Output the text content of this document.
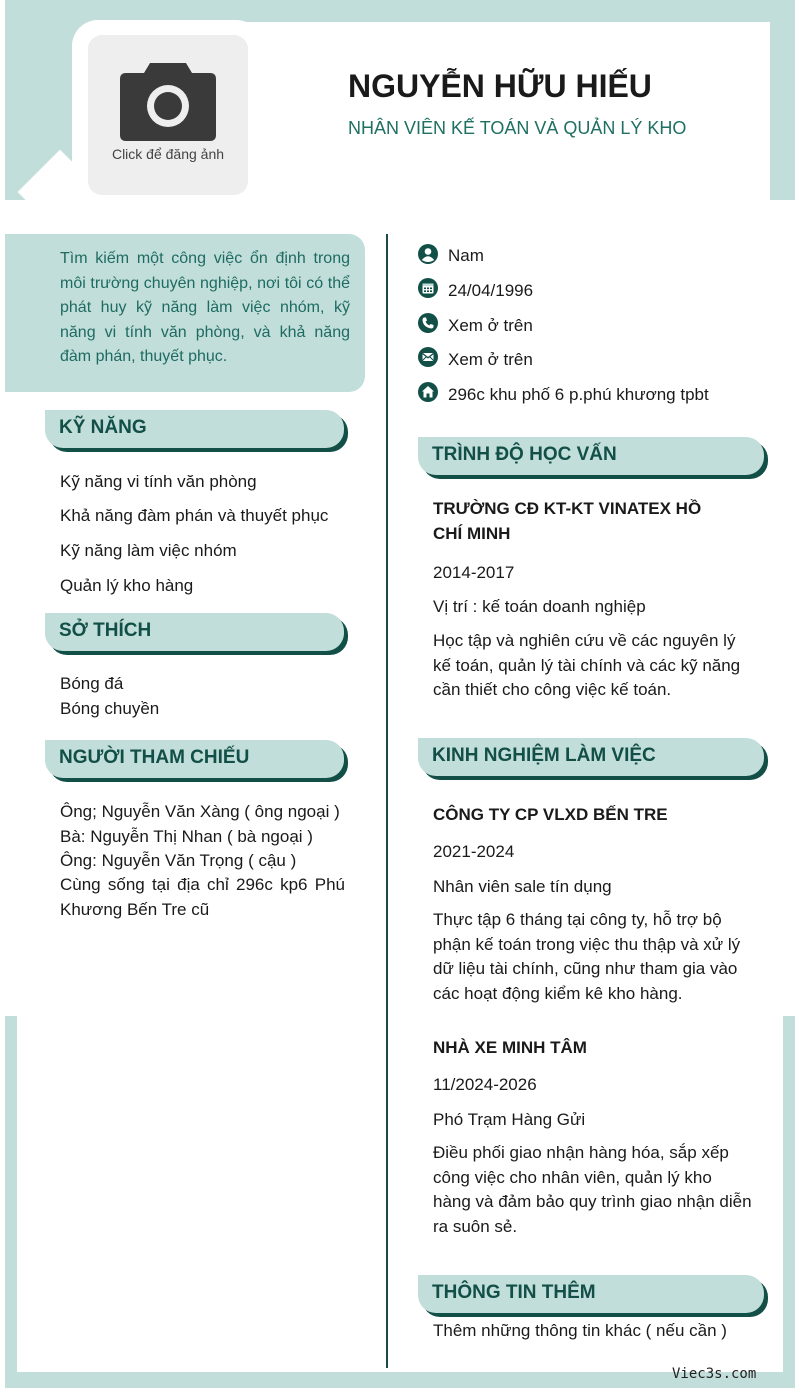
Click để đăng ảnh
NGUYỄN HỮU HIẾU
NHÂN VIÊN KẾ TOÁN VÀ QUẢN LÝ KHO
Tìm kiếm một công việc ổn định trong môi trường chuyên nghiệp, nơi tôi có thể phát huy kỹ năng làm việc nhóm, kỹ năng vi tính văn phòng, và khả năng đàm phán, thuyết phục.
Nam
24/04/1996
Xem ở trên
Xem ở trên
296c khu phố 6 p.phú khương tpbt
KỸ NĂNG
Kỹ năng vi tính văn phòng
Khả năng đàm phán và thuyết phục
Kỹ năng làm việc nhóm
Quản lý kho hàng
SỞ THÍCH
Bóng đá
Bóng chuyền
NGƯỜI THAM CHIẾU
Ông; Nguyễn Văn Xàng ( ông ngoại )
Bà: Nguyễn Thị Nhan ( bà ngoại )
Ông: Nguyễn Văn Trọng ( cậu )
Cùng sống tại địa chỉ 296c kp6 Phú Khương Bến Tre cũ
TRÌNH ĐỘ HỌC VẤN
TRƯỜNG CĐ KT-KT VINATEX HỒ CHÍ MINH
2014-2017
Vị trí : kế toán doanh nghiệp
Học tập và nghiên cứu về các nguyên lý kế toán, quản lý tài chính và các kỹ năng cần thiết cho công việc kế toán.
KINH NGHIỆM LÀM VIỆC
CÔNG TY CP VLXD BẾN TRE
2021-2024
Nhân viên sale tín dụng
Thực tập 6 tháng tại công ty, hỗ trợ bộ phận kế toán trong việc thu thập và xử lý dữ liệu tài chính, cũng như tham gia vào các hoạt động kiểm kê kho hàng.
NHÀ XE MINH TÂM
11/2024-2026
Phó Trạm Hàng Gửi
Điều phối giao nhận hàng hóa, sắp xếp công việc cho nhân viên, quản lý kho hàng và đảm bảo quy trình giao nhận diễn ra suôn sẻ.
THÔNG TIN THÊM
Thêm những thông tin khác ( nếu cần )
Viec3s.com
